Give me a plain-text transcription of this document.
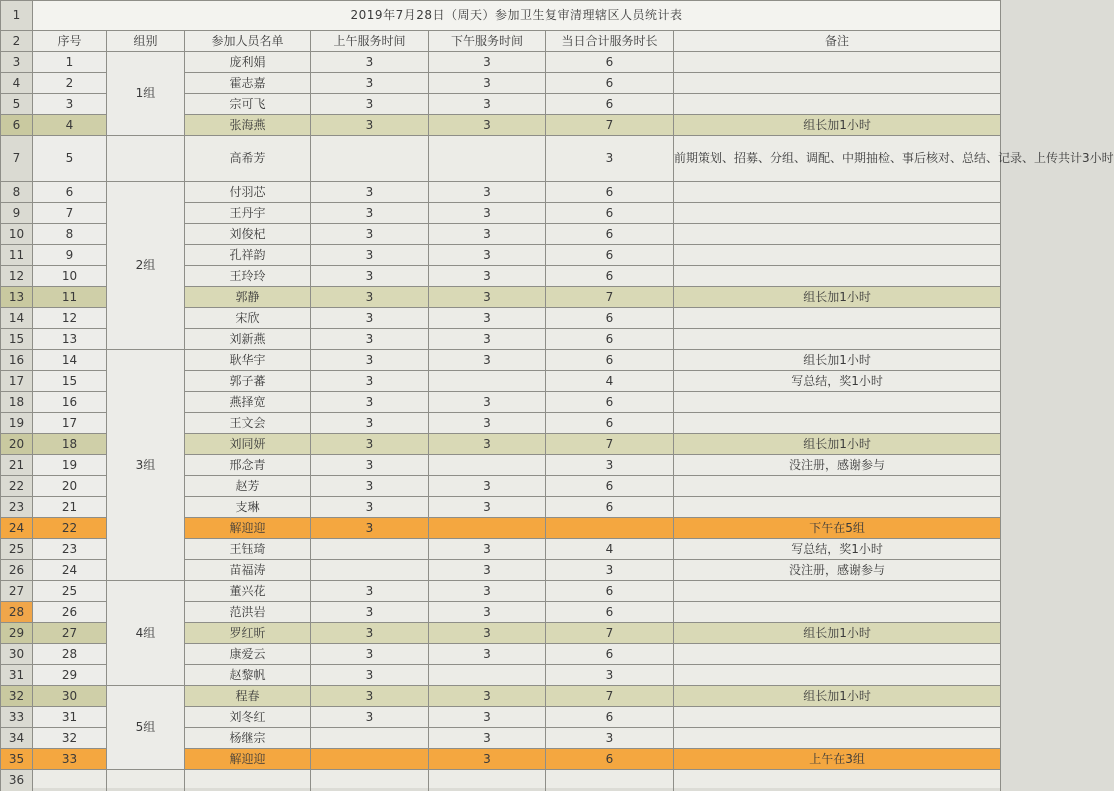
1	2019年7月28日（周天）参加卫生复审清理辖区人员统计表						
2	序号	组别	参加人员名单	上午服务时间	下午服务时间	当日合计服务时长	备注
3	1	1组	庞利娟	3	3	6	
4	2		霍志嘉	3	3	6	
5	3		宗可飞	3	3	6	
6	4		张海燕	3	3	7	组长加1小时
7	5		高希芳			3	前期策划、招募、分组、调配、中期抽检、事后核对、总结、记录、上传共计3小时
8	6	2组	付羽芯	3	3	6	
9	7		王丹宇	3	3	6	
10	8		刘俊杞	3	3	6	
11	9		孔祥韵	3	3	6	
12	10		王玲玲	3	3	6	
13	11		郭静	3	3	7	组长加1小时
14	12		宋欣	3	3	6	
15	13		刘新燕	3	3	6	
16	14	3组	耿华宇	3	3	6	组长加1小时
17	15		郭子蕃	3		4	写总结，奖1小时
18	16		燕择宽	3	3	6	
19	17		王文会	3	3	6	
20	18		刘同妍	3	3	7	组长加1小时
21	19		邢念青	3		3	没注册，感谢参与
22	20		赵芳	3	3	6	
23	21		支琳	3	3	6	
24	22		解迎迎	3			下午在5组
25	23		王钰琦		3	4	写总结，奖1小时
26	24		苗福涛		3	3	没注册，感谢参与
27	25	4组	董兴花	3	3	6	
28	26		范洪岩	3	3	6	
29	27		罗红昕	3	3	7	组长加1小时
30	28		康爱云	3	3	6	
31	29		赵黎帆	3		3	
32	30	5组	程春	3	3	7	组长加1小时
33	31		刘冬红	3	3	6	
34	32		杨继宗		3	3	
35	33		解迎迎		3	6	上午在3组
36							
